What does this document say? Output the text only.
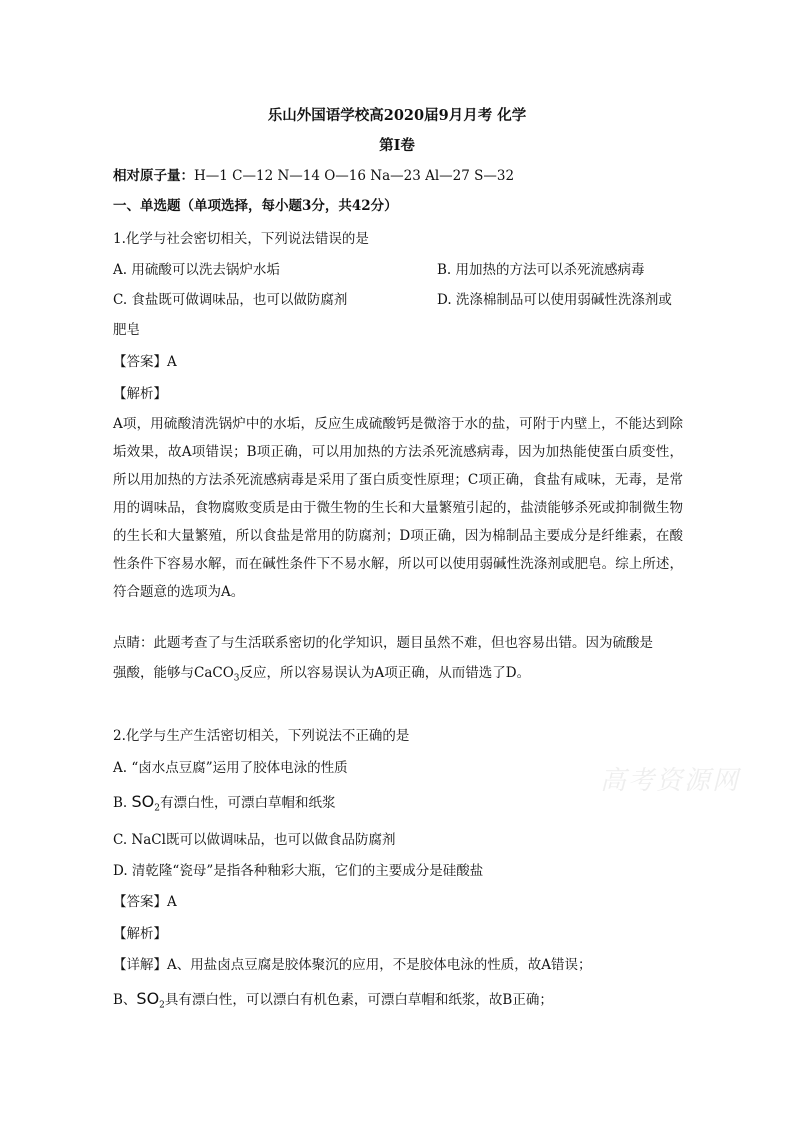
乐山外国语学校高2020届9月月考 化学
第I卷
相对原子量：H—1 C—12 N—14 O—16 Na—23 Al—27 S—32
一、单选题（单项选择，每小题3分，共42分）
1.化学与社会密切相关，下列说法错误的是
A. 用硫酸可以洗去锅炉水垢	B. 用加热的方法可以杀死流感病毒
C. 食盐既可做调味品，也可以做防腐剂	D. 洗涤棉制品可以使用弱碱性洗涤剂或
肥皂
【答案】A
【解析】
A项，用硫酸清洗锅炉中的水垢，反应生成硫酸钙是微溶于水的盐，可附于内壁上，不能达到除垢效果，故A项错误；B项正确，可以用加热的方法杀死流感病毒，因为加热能使蛋白质变性，所以用加热的方法杀死流感病毒是采用了蛋白质变性原理；C项正确，食盐有咸味，无毒，是常用的调味品，食物腐败变质是由于微生物的生长和大量繁殖引起的，盐渍能够杀死或抑制微生物的生长和大量繁殖，所以食盐是常用的防腐剂；D项正确，因为棉制品主要成分是纤维素，在酸性条件下容易水解，而在碱性条件下不易水解，所以可以使用弱碱性洗涤剂或肥皂。综上所述，符合题意的选项为A。
点睛：此题考查了与生活联系密切的化学知识，题目虽然不难，但也容易出错。因为硫酸是
强酸，能够与CaCO$_3$反应，所以容易误认为A项正确，从而错选了D。
2.化学与生产生活密切相关，下列说法不正确的是
A. “卤水点豆腐”运用了胶体电泳的性质
B. $SO_2$有漂白性，可漂白草帽和纸浆
C. NaCl既可以做调味品，也可以做食品防腐剂
D. 清乾隆“瓷母”是指各种釉彩大瓶，它们的主要成分是硅酸盐
【答案】A
【解析】
【详解】A、用盐卤点豆腐是胶体聚沉的应用，不是胶体电泳的性质，故A错误；
B、$SO_2$具有漂白性，可以漂白有机色素，可漂白草帽和纸浆，故B正确；
高考资源网
